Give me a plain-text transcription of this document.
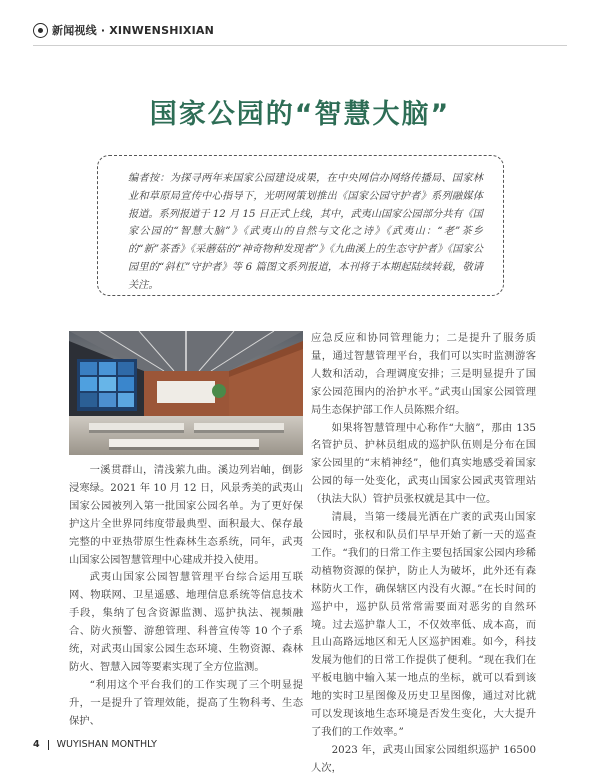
新闻视线 · XINWENSHIXIAN
国家公园的“智慧大脑”
编者按：为探寻两年来国家公园建设成果，在中央网信办网络传播局、国家林业和草原局宣传中心指导下，光明网策划推出《国家公园守护者》系列融媒体报道。系列报道于 12 月 15 日正式上线，其中，武夷山国家公园部分共有《国家公园的“智慧大脑”》《武夷山的自然与文化之诗》《武夷山：“老”茶乡的“新”茶香》《采蘑菇的“神奇物种发现者”》《九曲溪上的生态守护者》《国家公园里的“斜杠”守护者》等 6 篇图文系列报道，本刊将于本期起陆续转载，敬请关注。

一溪贯群山，清浅萦九曲。溪边列岩岫，倒影浸寒绿。2021 年 10 月 12 日，风景秀美的武夷山国家公园被列入第一批国家公园名单。为了更好保护这片全世界同纬度带最典型、面积最大、保存最完整的中亚热带原生性森林生态系统，同年，武夷山国家公园智慧管理中心建成并投入使用。

武夷山国家公园智慧管理平台综合运用互联网、物联网、卫星遥感、地理信息系统等信息技术手段，集纳了包含资源监测、巡护执法、视频融合、防火预警、游憩管理、科普宣传等 10 个子系统，对武夷山国家公园生态环境、生物资源、森林防火、智慧入园等要素实现了全方位监测。

“利用这个平台我们的工作实现了三个明显提升，一是提升了管理效能，提高了生物科考、生态保护、

应急反应和协同管理能力；二是提升了服务质量，通过智慧管理平台，我们可以实时监测游客人数和活动，合理调度安排；三是明显提升了国家公园范围内的治护水平。”武夷山国家公园管理局生态保护部工作人员陈熙介绍。

如果将智慧管理中心称作“大脑”，那由 135 名管护员、护林员组成的巡护队伍则是分布在国家公园里的“末梢神经”，他们真实地感受着国家公园的每一处变化，武夷山国家公园武夷管理站（执法大队）管护员张权就是其中一位。

清晨，当第一缕晨光洒在广袤的武夷山国家公园时，张权和队员们早早开始了新一天的巡查工作。“我们的日常工作主要包括国家公园内珍稀动植物资源的保护，防止人为破坏，此外还有森林防火工作，确保辖区内没有火源。”在长时间的巡护中，巡护队员常常需要面对恶劣的自然环境。过去巡护靠人工，不仅效率低、成本高，而且山高路远地区和无人区巡护困难。如今，科技发展为他们的日常工作提供了便利。“现在我们在平板电脑中输入某一地点的坐标，就可以看到该地的实时卫星图像及历史卫星图像，通过对比就可以发现该地生态环境是否发生变化，大大提升了我们的工作效率。”

2023 年，武夷山国家公园组织巡护 16500 人次，

4 WUYISHAN MONTHLY
